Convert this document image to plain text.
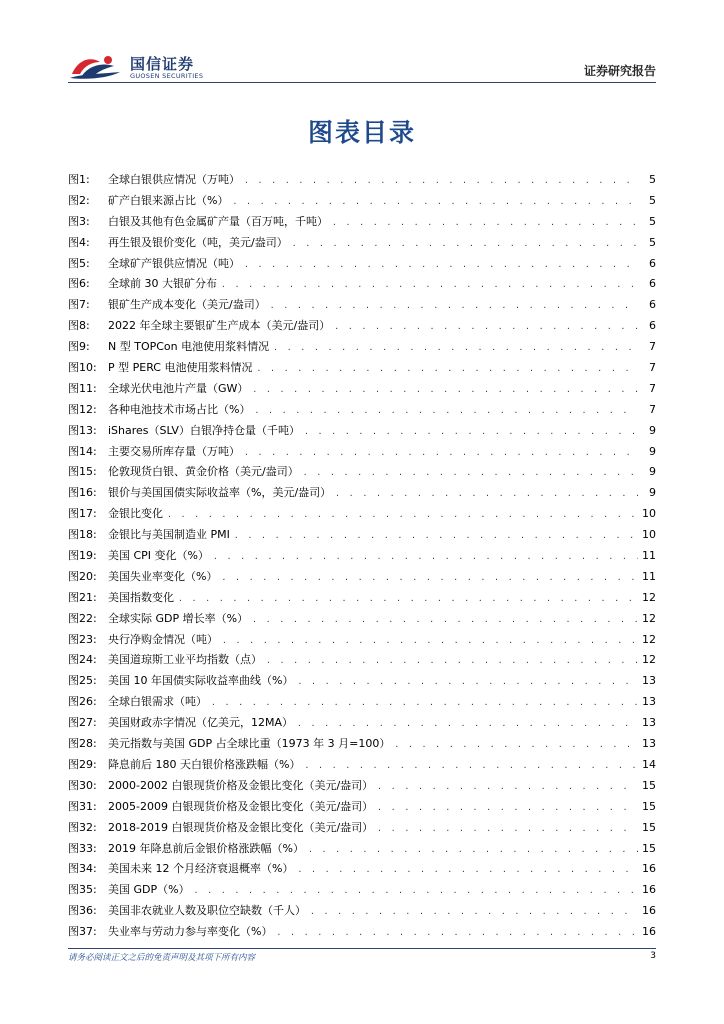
国信证券
GUOSEN SECURITIES	证券研究报告
图表目录
图1:	全球白银供应情况（万吨） . . .	5
图2:	矿产白银来源占比（%） . . .	5
图3:	白银及其他有色金属矿产量（百万吨，千吨） . . .	5
图4:	再生银及银价变化（吨，美元/盎司） . . .	5
图5:	全球矿产银供应情况（吨） . . .	6
图6:	全球前 30 大银矿分布 . . .	6
图7:	银矿生产成本变化（美元/盎司） . . .	6
图8:	2022 年全球主要银矿生产成本（美元/盎司） . . .	6
图9:	N 型 TOPCon 电池使用浆料情况 . . .	7
图10:	P 型 PERC 电池使用浆料情况 . . .	7
图11:	全球光伏电池片产量（GW） . . .	7
图12:	各种电池技术市场占比（%） . . .	7
图13:	iShares（SLV）白银净持仓量（千吨） . . .	9
图14:	主要交易所库存量（万吨） . . .	9
图15:	伦敦现货白银、黄金价格（美元/盎司） . . .	9
图16:	银价与美国国债实际收益率（%，美元/盎司） . . .	9
图17:	金银比变化 . . .	10
图18:	金银比与美国制造业 PMI . . .	10
图19:	美国 CPI 变化（%） . . .	11
图20:	美国失业率变化（%） . . .	11
图21:	美国指数变化 . . .	12
图22:	全球实际 GDP 增长率（%） . . .	12
图23:	央行净购金情况（吨） . . .	12
图24:	美国道琼斯工业平均指数（点） . . .	12
图25:	美国 10 年国债实际收益率曲线（%） . . .	13
图26:	全球白银需求（吨） . . .	13
图27:	美国财政赤字情况（亿美元，12MA） . . .	13
图28:	美元指数与美国 GDP 占全球比重（1973 年 3 月=100） . . .	13
图29:	降息前后 180 天白银价格涨跌幅（%） . . .	14
图30:	2000-2002 白银现货价格及金银比变化（美元/盎司） . . .	15
图31:	2005-2009 白银现货价格及金银比变化（美元/盎司） . . .	15
图32:	2018-2019 白银现货价格及金银比变化（美元/盎司） . . .	15
图33:	2019 年降息前后金银价格涨跌幅（%） . . .	15
图34:	美国未来 12 个月经济衰退概率（%） . . .	16
图35:	美国 GDP（%） . . .	16
图36:	美国非农就业人数及职位空缺数（千人） . . .	16
图37:	失业率与劳动力参与率变化（%） . . .	16
请务必阅读正文之后的免责声明及其项下所有内容	3
